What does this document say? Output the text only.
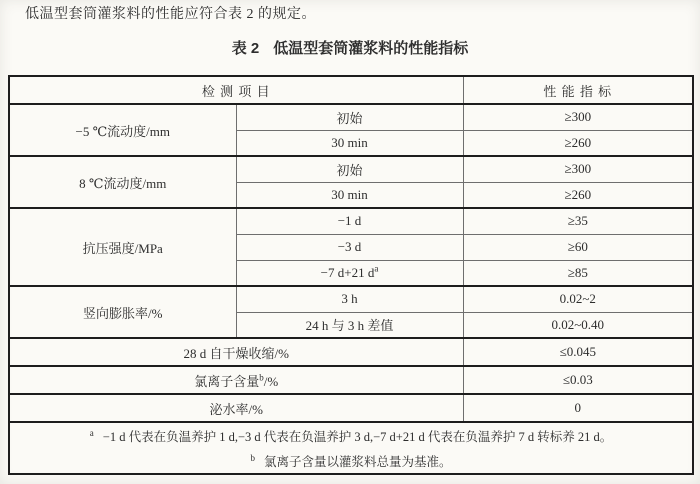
低温型套筒灌浆料的性能应符合表 2 的规定。
表 2 低温型套筒灌浆料的性能指标
检 测 项 目		性 能 指 标
−5 ℃流动度/mm	初始	≥300
	30 min	≥260
8 ℃流动度/mm	初始	≥300
	30 min	≥260
抗压强度/MPa	−1 d	≥35
	−3 d	≥60
	−7 d+21 d$^a$	≥85
竖向膨胀率/%	3 h	0.02~2
	24 h 与 3 h 差值	0.02~0.40
28 d 自干燥收缩/%		≤0.045
氯离子含量$^b$/%		≤0.03
泌水率/%		0

$^a$ −1 d 代表在负温养护 1 d,−3 d 代表在负温养护 3 d,−7 d+21 d 代表在负温养护 7 d 转标养 21 d。
$^b$ 氯离子含量以灌浆料总量为基准。		
